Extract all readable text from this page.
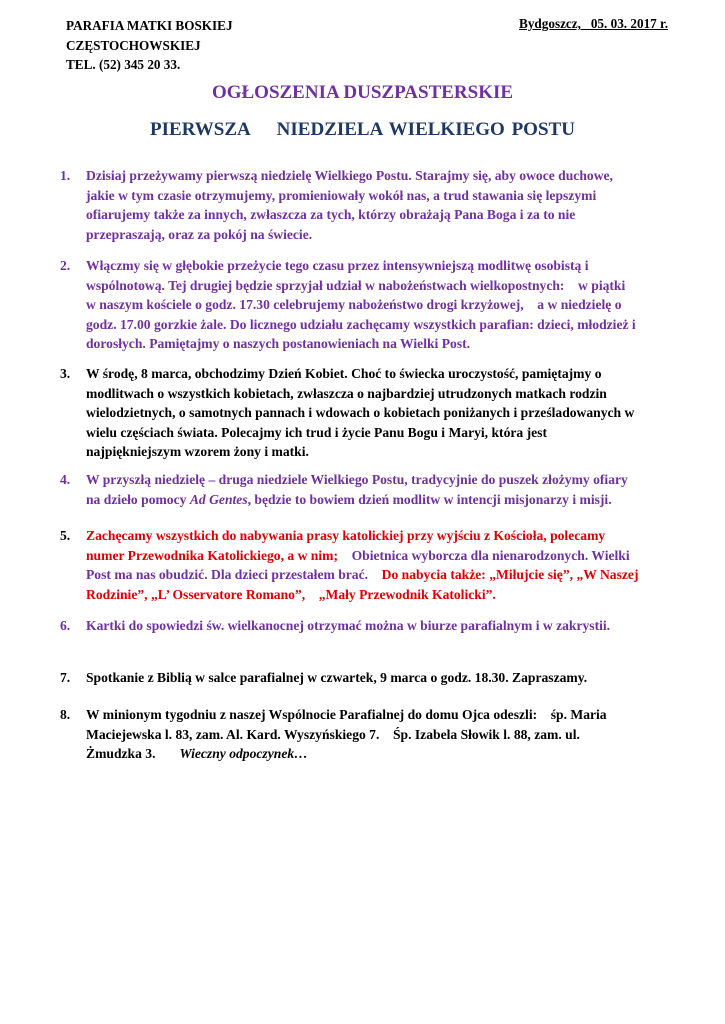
PARAFIA MATKI BOSKIEJ
CZĘSTOCHOWSKIEJ
TEL. (52) 345 20 33.
Bydgoszcz,   05. 03. 2017 r.
OGŁOSZENIA DUSZPASTERSKIE
PIERWSZA    NIEDZIELA WIELKIEGO POSTU
1. Dzisiaj przeżywamy pierwszą niedzielę Wielkiego Postu. Starajmy się, aby owoce duchowe,
jakie w tym czasie otrzymujemy, promieniowały wokół nas, a trud stawania się lepszymi
ofiarujemy także za innych, zwłaszcza za tych, którzy obrażają Pana Boga i za to nie
przepraszają, oraz za pokój na świecie.
2. Włączmy się w głębokie przeżycie tego czasu przez intensywniejszą modlitwę osobistą i
wspólnotową. Tej drugiej będzie sprzyjał udział w nabożeństwach wielkopostnych:    w piątki
w naszym kościele o godz. 17.30 celebrujemy nabożeństwo drogi krzyżowej,    a w niedzielę o
godz. 17.00 gorzkie żale. Do licznego udziału zachęcamy wszystkich parafian: dzieci, młodzież i
dorosłych. Pamiętajmy o naszych postanowieniach na Wielki Post.
3. W środę, 8 marca, obchodzimy Dzień Kobiet. Choć to świecka uroczystość, pamiętajmy o
modlitwach o wszystkich kobietach, zwłaszcza o najbardziej utrudzonych matkach rodzin
wielodzietnych, o samotnych pannach i wdowach o kobietach poniżanych i prześladowanych w
wielu częściach świata. Polecajmy ich trud i życie Panu Bogu i Maryi, która jest
najpiękniejszym wzorem żony i matki.
4. W przyszłą niedzielę – druga niedziele Wielkiego Postu, tradycyjnie do puszek złożymy ofiary
na dzieło pomocy Ad Gentes, będzie to bowiem dzień modlitw w intencji misjonarzy i misji.
5. Zachęcamy wszystkich do nabywania prasy katolickiej przy wyjściu z Kościoła, polecamy
numer Przewodnika Katolickiego, a w nim;    Obietnica wyborcza dla nienarodzonych. Wielki
Post ma nas obudzić. Dla dzieci przestałem brać.    Do nabycia także: „Miłujcie się”, „W Naszej
Rodzinie”, „L’ Osservatore Romano”,    „Mały Przewodnik Katolicki”.
6. Kartki do spowiedzi św. wielkanocnej otrzymać można w biurze parafialnym i w zakrystii.
7. Spotkanie z Biblią w salce parafialnej w czwartek, 9 marca o godz. 18.30. Zapraszamy.
8. W minionym tygodniu z naszej Wspólnocie Parafialnej do domu Ojca odeszli:    śp. Maria
Maciejewska l. 83, zam. Al. Kard. Wyszyńskiego 7.    Śp. Izabela Słowik l. 88, zam. ul.
Żmudzka 3. Wieczny odpoczynek…
